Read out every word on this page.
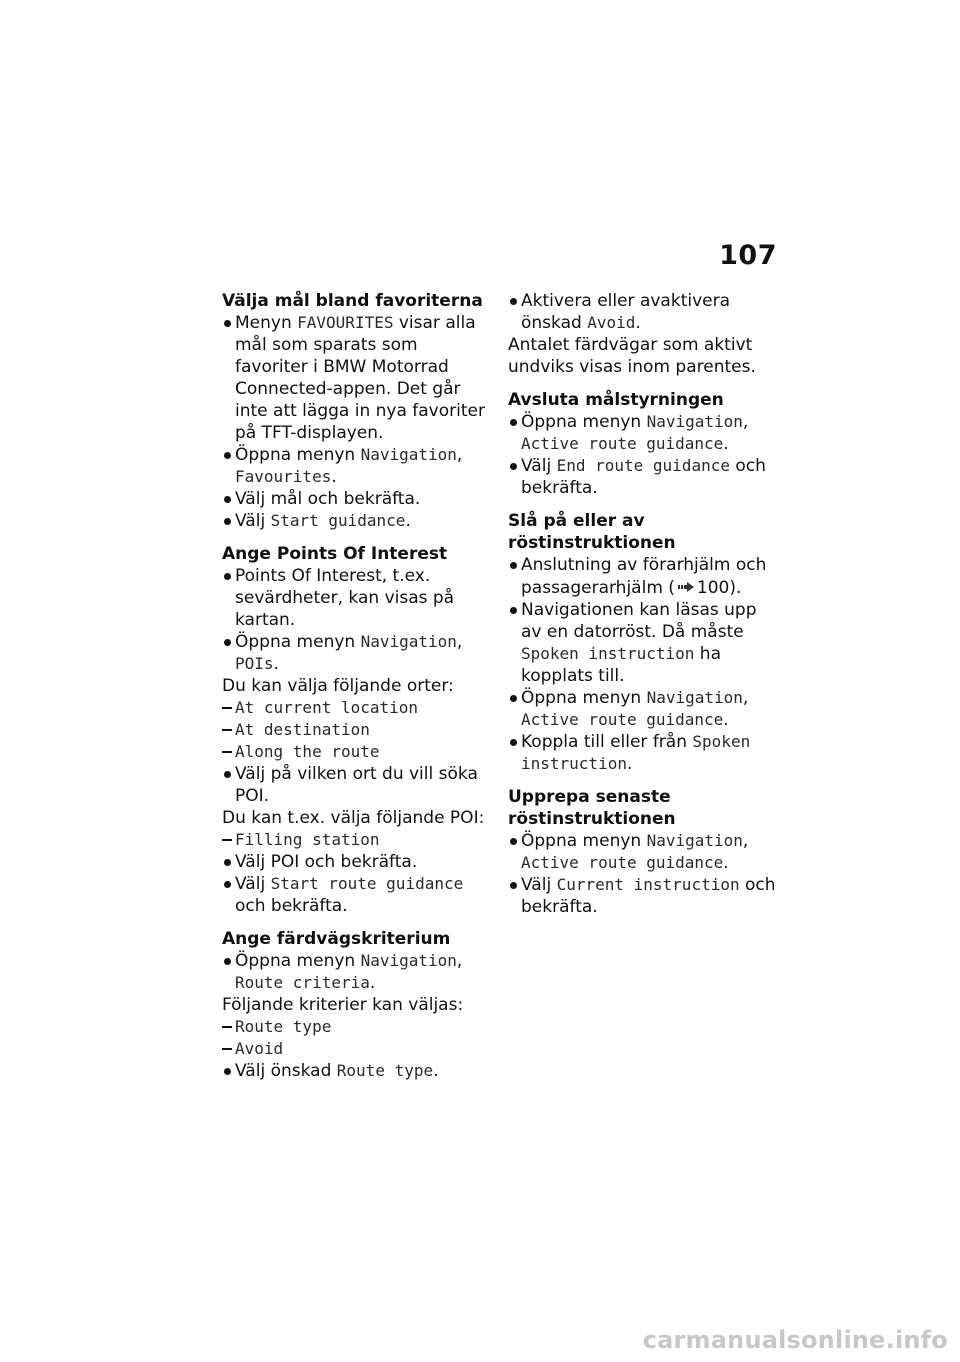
107
Välja mål bland favoriterna
Menyn FAVOURITES visar alla mål som sparats som favoriter i BMW Motorrad Connected-appen. Det går inte att lägga in nya favoriter på TFT-displayen.
Öppna menyn Navigation, Favourites.
Välj mål och bekräfta.
Välj Start guidance.
Ange Points Of Interest
Points Of Interest, t.ex. sevärdheter, kan visas på kartan.
Öppna menyn Navigation, POIs.
Du kan välja följande orter:
At current location
At destination
Along the route
Välj på vilken ort du vill söka POI.
Du kan t.ex. välja följande POI:
Filling station
Välj POI och bekräfta.
Välj Start route guidance och bekräfta.
Ange färdvägskriterium
Öppna menyn Navigation, Route criteria.
Följande kriterier kan väljas:
Route type
Avoid
Välj önskad Route type.
Aktivera eller avaktivera önskad Avoid.
Antalet färdvägar som aktivt undviks visas inom parentes.
Avsluta målstyrningen
Öppna menyn Navigation, Active route guidance.
Välj End route guidance och bekräfta.
Slå på eller av röstinstruktionen
Anslutning av förarhjälm och passagerarhjälm ( 100).
Navigationen kan läsas upp av en datorröst. Då måste Spoken instruction ha kopplats till.
Öppna menyn Navigation, Active route guidance.
Koppla till eller från Spoken instruction.
Upprepa senaste röstinstruktionen
Öppna menyn Navigation, Active route guidance.
Välj Current instruction och bekräfta.
carmanualsonline.info
